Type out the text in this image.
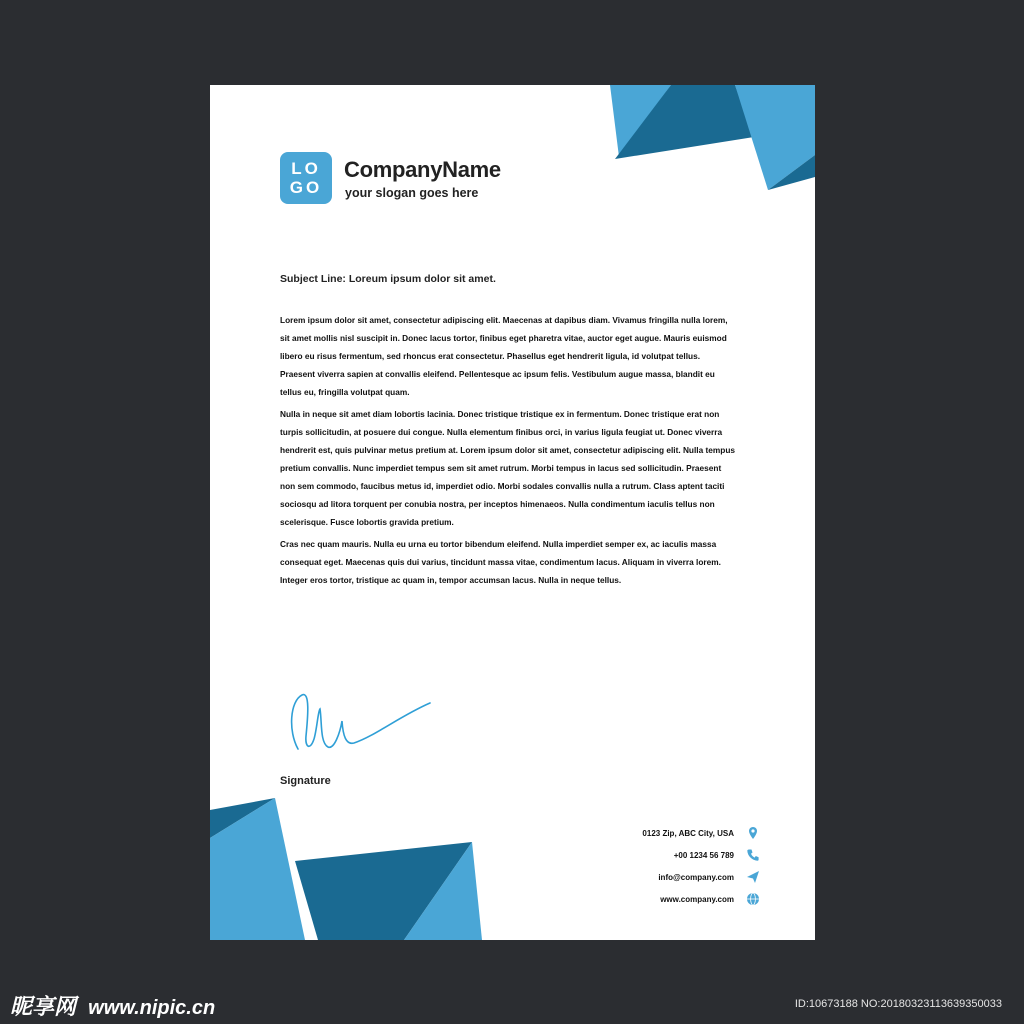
LO
GO
CompanyName
your slogan goes here
Subject Line: Loreum ipsum dolor sit amet.

Lorem ipsum dolor sit amet, consectetur adipiscing elit. Maecenas at dapibus diam. Vivamus fringilla nulla lorem, sit amet mollis nisl suscipit in. Donec lacus tortor, finibus eget pharetra vitae, auctor eget augue. Mauris euismod libero eu risus fermentum, sed rhoncus erat consectetur. Phasellus eget hendrerit ligula, id volutpat tellus. Praesent viverra sapien at convallis eleifend. Pellentesque ac ipsum felis. Vestibulum augue massa, blandit eu tellus eu, fringilla volutpat quam.

Nulla in neque sit amet diam lobortis lacinia. Donec tristique tristique ex in fermentum. Donec tristique erat non turpis sollicitudin, at posuere dui congue. Nulla elementum finibus orci, in varius ligula feugiat ut. Donec viverra hendrerit est, quis pulvinar metus pretium at. Lorem ipsum dolor sit amet, consectetur adipiscing elit. Nulla tempus pretium convallis. Nunc imperdiet tempus sem sit amet rutrum. Morbi tempus in lacus sed sollicitudin. Praesent non sem commodo, faucibus metus id, imperdiet odio. Morbi sodales convallis nulla a rutrum. Class aptent taciti sociosqu ad litora torquent per conubia nostra, per inceptos himenaeos. Nulla condimentum iaculis tellus non scelerisque. Fusce lobortis gravida pretium.

Cras nec quam mauris. Nulla eu urna eu tortor bibendum eleifend. Nulla imperdiet semper ex, ac iaculis massa consequat eget. Maecenas quis dui varius, tincidunt massa vitae, condimentum lacus. Aliquam in viverra lorem. Integer eros tortor, tristique ac quam in, tempor accumsan lacus. Nulla in neque tellus.

Signature
0123 Zip, ABC City, USA
+00 1234 56 789
info@company.com
www.company.com
昵享网 www.nipic.cn	ID:10673188 NO:20180323113639350033
